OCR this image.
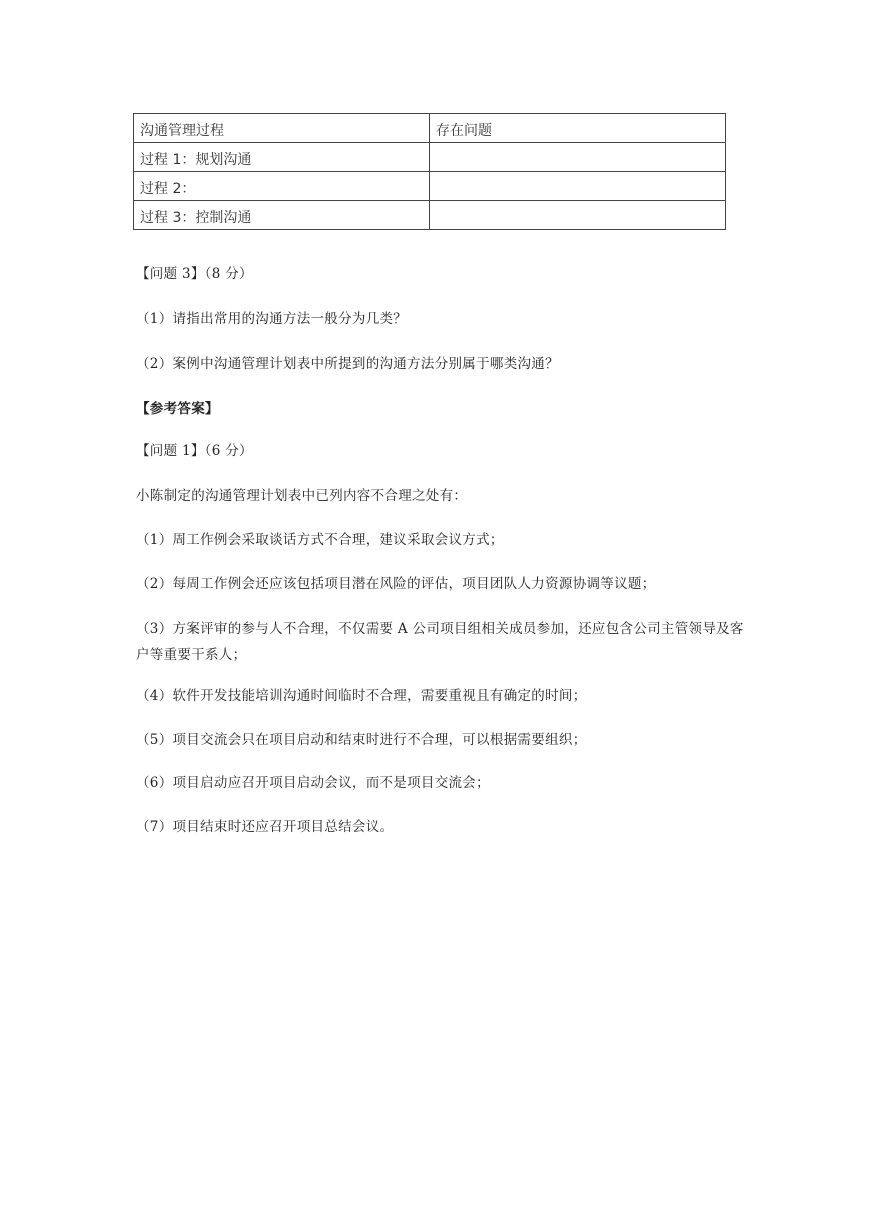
沟通管理过程	存在问题
过程 1：规划沟通	
过程 2：	
过程 3：控制沟通	
【问题 3】（8 分）
（1）请指出常用的沟通方法一般分为几类？
（2）案例中沟通管理计划表中所提到的沟通方法分别属于哪类沟通？
【参考答案】
【问题 1】（6 分）
小陈制定的沟通管理计划表中已列内容不合理之处有：
（1）周工作例会采取谈话方式不合理，建议采取会议方式；
（2）每周工作例会还应该包括项目潜在风险的评估，项目团队人力资源协调等议题；
（3）方案评审的参与人不合理，不仅需要 A 公司项目组相关成员参加，还应包含公司主管领导及客户等重要干系人；
（4）软件开发技能培训沟通时间临时不合理，需要重视且有确定的时间；
（5）项目交流会只在项目启动和结束时进行不合理，可以根据需要组织；
（6）项目启动应召开项目启动会议，而不是项目交流会；
（7）项目结束时还应召开项目总结会议。
